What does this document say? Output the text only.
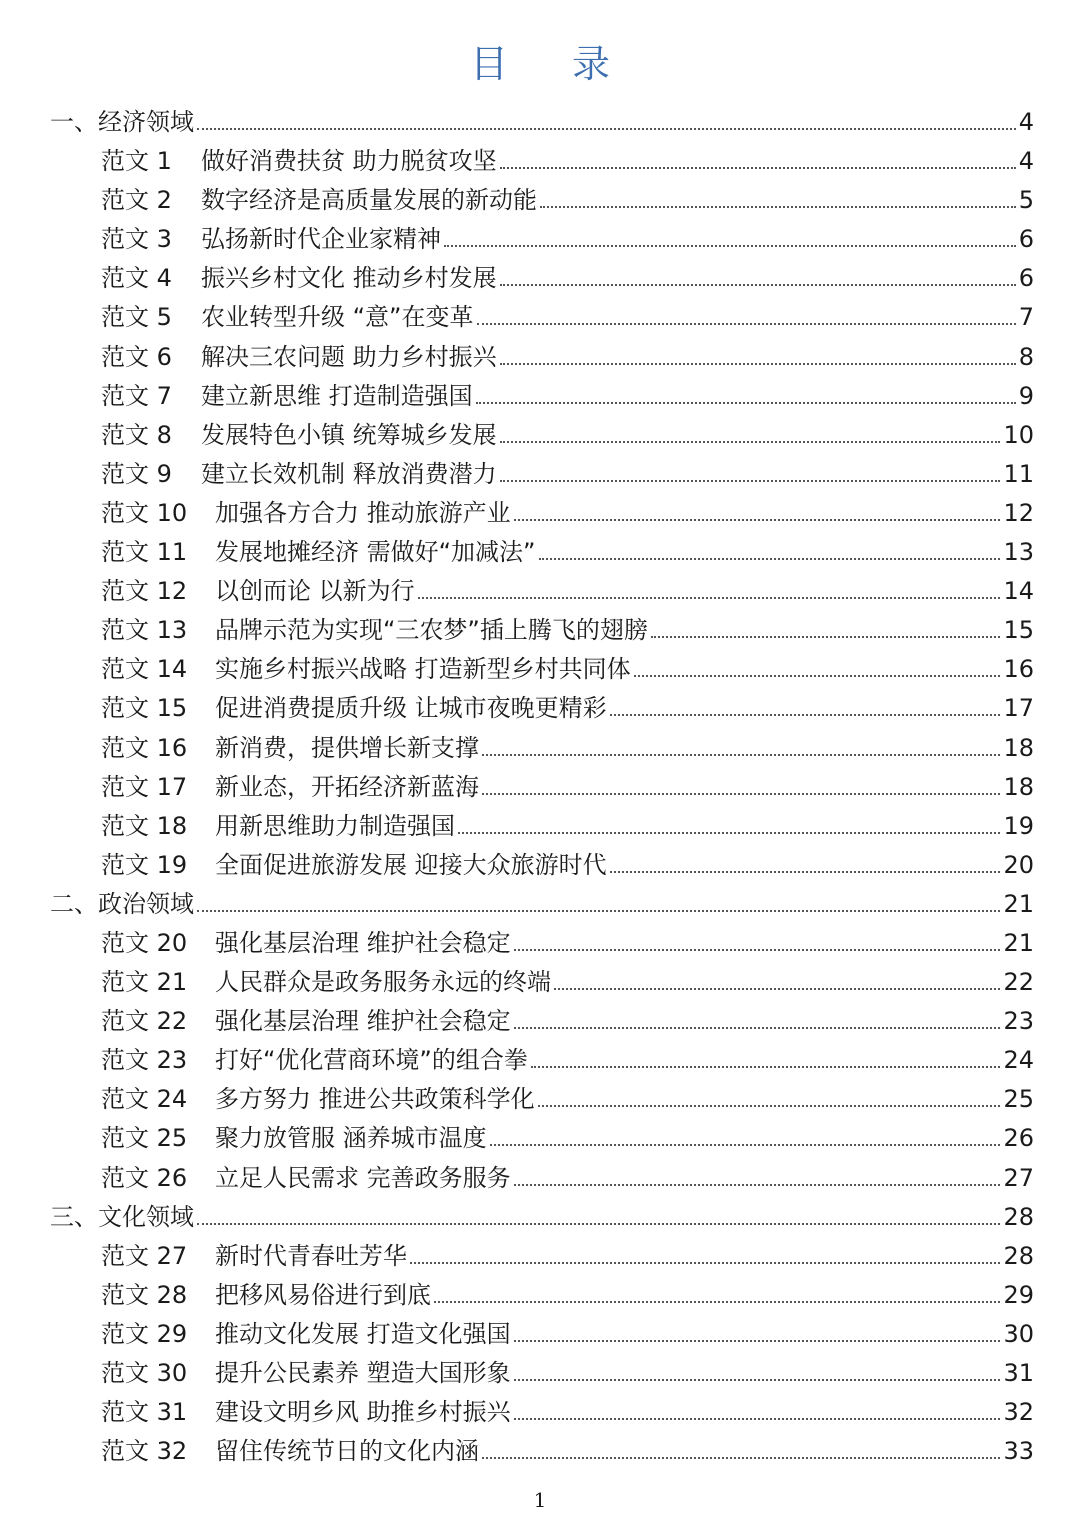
目 录
一、经济领域	4
范文 1	做好消费扶贫 助力脱贫攻坚	4
范文 2	数字经济是高质量发展的新动能	5
范文 3	弘扬新时代企业家精神	6
范文 4	振兴乡村文化 推动乡村发展	6
范文 5	农业转型升级 “意”在变革	7
范文 6	解决三农问题 助力乡村振兴	8
范文 7	建立新思维 打造制造强国	9
范文 8	发展特色小镇 统筹城乡发展	10
范文 9	建立长效机制 释放消费潜力	11
范文 10	加强各方合力 推动旅游产业	12
范文 11	发展地摊经济 需做好“加减法”	13
范文 12	以创而论 以新为行	14
范文 13	品牌示范为实现“三农梦”插上腾飞的翅膀	15
范文 14	实施乡村振兴战略 打造新型乡村共同体	16
范文 15	促进消费提质升级 让城市夜晚更精彩	17
范文 16	新消费，提供增长新支撑	18
范文 17	新业态，开拓经济新蓝海	18
范文 18	用新思维助力制造强国	19
范文 19	全面促进旅游发展 迎接大众旅游时代	20
二、政治领域	21
范文 20	强化基层治理 维护社会稳定	21
范文 21	人民群众是政务服务永远的终端	22
范文 22	强化基层治理 维护社会稳定	23
范文 23	打好“优化营商环境”的组合拳	24
范文 24	多方努力 推进公共政策科学化	25
范文 25	聚力放管服 涵养城市温度	26
范文 26	立足人民需求 完善政务服务	27
三、文化领域	28
范文 27	新时代青春吐芳华	28
范文 28	把移风易俗进行到底	29
范文 29	推动文化发展 打造文化强国	30
范文 30	提升公民素养 塑造大国形象	31
范文 31	建设文明乡风 助推乡村振兴	32
范文 32	留住传统节日的文化内涵	33
1
